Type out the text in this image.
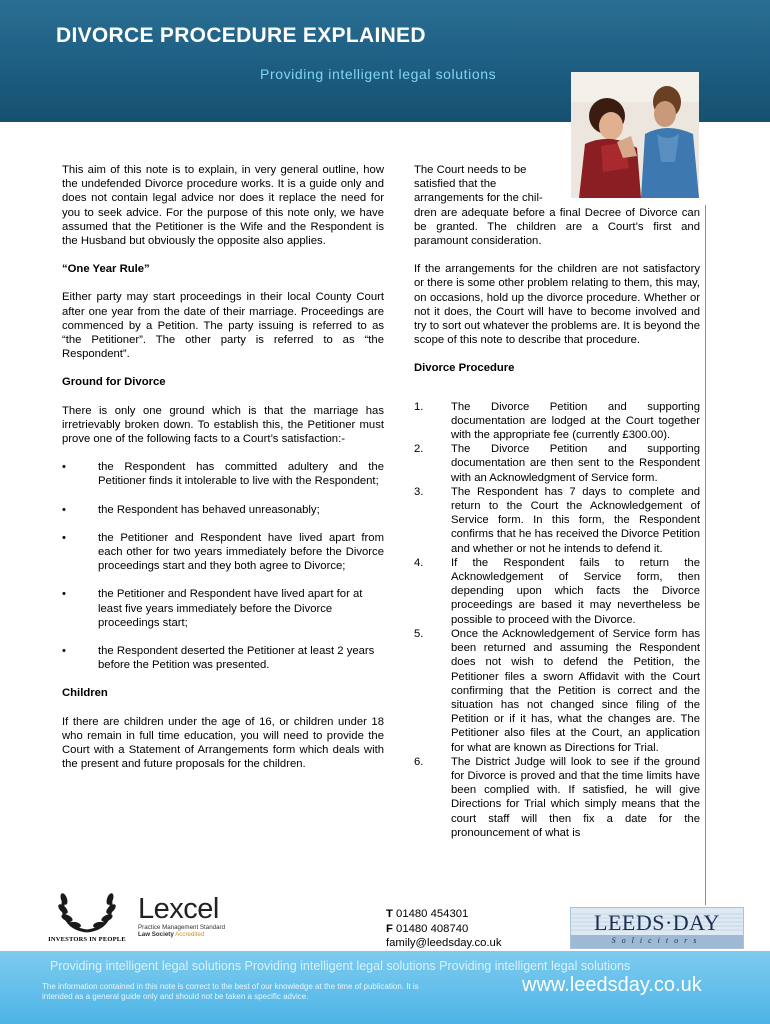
DIVORCE PROCEDURE EXPLAINED
Providing intelligent legal solutions

This aim of this note is to explain, in very general outline, how the undefended Divorce procedure works. It is a guide only and does not contain legal advice nor does it replace the need for you to seek advice. For the purpose of this note only, we have assumed that the Petitioner is the Wife and the Respondent is the Husband but obviously the opposite also applies.

“One Year Rule”

Either party may start proceedings in their local County Court after one year from the date of their marriage. Proceedings are commenced by a Petition. The party issuing is referred to as “the Petitioner”. The other party is referred to as “the Respondent”.

Ground for Divorce

There is only one ground which is that the marriage has irretrievably broken down. To establish this, the Petitioner must prove one of the following facts to a Court’s satisfaction:-

•	the Respondent has committed adultery and the Petitioner finds it intolerable to live with the Respondent;
•	the Respondent has behaved unreasonably;
•	the Petitioner and Respondent have lived apart from each other for two years immediately before the Divorce proceedings start and they both agree to Divorce;
•	the Petitioner and Respondent have lived apart for at least five years immediately before the Divorce proceedings start;
•	the Respondent deserted the Petitioner at least 2 years before the Petition was presented.
Children

If there are children under the age of 16, or children under 18 who remain in full time education, you will need to provide the Court with a Statement of Arrangements form which deals with the present and future proposals for the children.

The Court needs to be
satisfied that the
arrangements for the chil-

dren are adequate before a final Decree of Divorce can be granted. The children are a Court’s first and paramount consideration.

If the arrangements for the children are not satisfactory or there is some other problem relating to them, this may, on occasions, hold up the divorce procedure. Whether or not it does, the Court will have to become involved and try to sort out whatever the problems are. It is beyond the scope of this note to describe that procedure.

Divorce Procedure
1. The Divorce Petition and supporting documentation are lodged at the Court together with the appropriate fee (currently £300.00).
2. The Divorce Petition and supporting documentation are then sent to the Respondent with an Acknowledgment of Service form.
3. The Respondent has 7 days to complete and return to the Court the Acknowledgement of Service form. In this form, the Respondent confirms that he has received the Divorce Petition and whether or not he intends to defend it.
4. If the Respondent fails to return the Acknowledgement of Service form, then depending upon which facts the Divorce proceedings are based it may nevertheless be possible to proceed with the Divorce.
5. Once the Acknowledgement of Service form has been returned and assuming the Respondent does not wish to defend the Petition, the Petitioner files a sworn Affidavit with the Court confirming that the Petition is correct and the situation has not changed since filing of the Petition or if it has, what the changes are. The Petitioner also files at the Court, an application for what are known as Directions for Trial.
6. The District Judge will look to see if the ground for Divorce is proved and that the time limits have been complied with. If satisfied, he will give Directions for Trial which simply means that the court staff will then fix a date for the pronouncement of what is
INVESTORS IN PEOPLE
Lexcel
Practice Management Standard
Law Society Accredited
T 01480 454301
F 01480 408740
family@leedsday.co.uk
LEEDS·DAY
Solicitors
Providing intelligent legal solutions Providing intelligent legal solutions Providing intelligent legal solutions
The information contained in this note is correct to the best of our knowledge at the time of publication. It is intended as a general guide only and should not be taken a specific advice.	www.leedsday.co.uk
